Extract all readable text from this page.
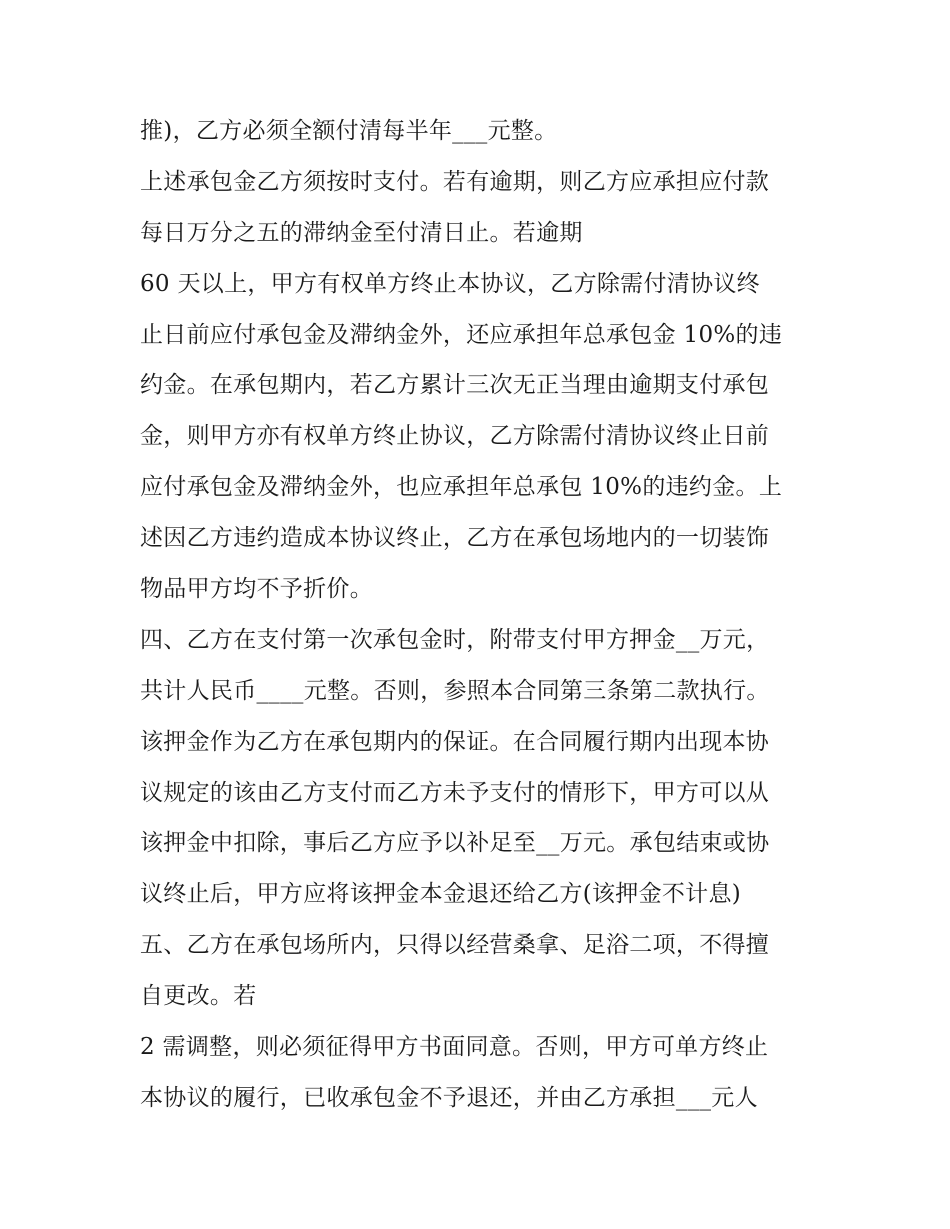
推)，乙方必须全额付清每半年___元整。
上述承包金乙方须按时支付。若有逾期，则乙方应承担应付款
每日万分之五的滞纳金至付清日止。若逾期
60 天以上，甲方有权单方终止本协议，乙方除需付清协议终
止日前应付承包金及滞纳金外，还应承担年总承包金 10%的违
约金。在承包期内，若乙方累计三次无正当理由逾期支付承包
金，则甲方亦有权单方终止协议，乙方除需付清协议终止日前
应付承包金及滞纳金外，也应承担年总承包 10%的违约金。上
述因乙方违约造成本协议终止，乙方在承包场地内的一切装饰
物品甲方均不予折价。
四、乙方在支付第一次承包金时，附带支付甲方押金__万元，
共计人民币____元整。否则，参照本合同第三条第二款执行。
该押金作为乙方在承包期内的保证。在合同履行期内出现本协
议规定的该由乙方支付而乙方未予支付的情形下，甲方可以从
该押金中扣除，事后乙方应予以补足至__万元。承包结束或协
议终止后，甲方应将该押金本金退还给乙方(该押金不计息)
五、乙方在承包场所内，只得以经营桑拿、足浴二项，不得擅
自更改。若
2 需调整，则必须征得甲方书面同意。否则，甲方可单方终止
本协议的履行，已收承包金不予退还，并由乙方承担___元人
